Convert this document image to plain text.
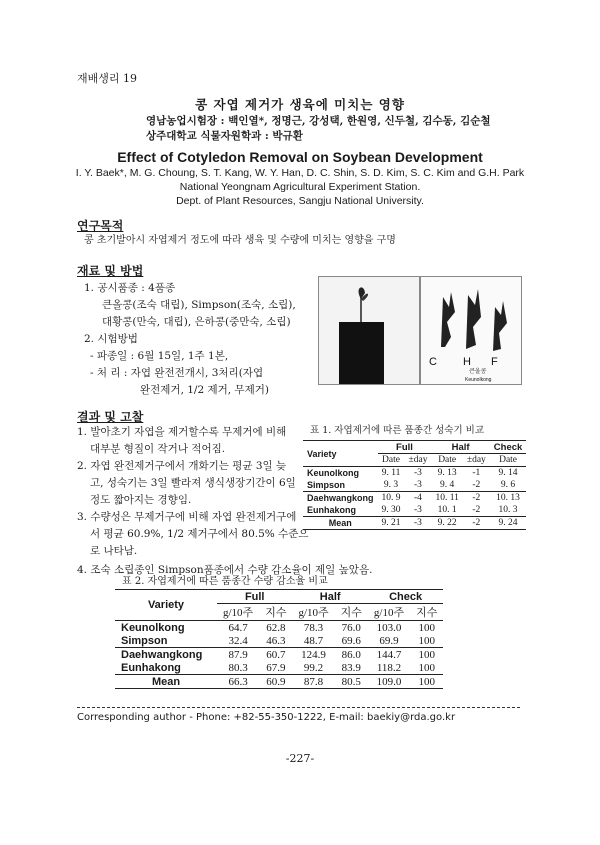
재배생리 19
콩 자엽 제거가 생육에 미치는 영향
영남농업시험장 : 백인열*, 정명근, 강성택, 한원영, 신두철, 김수동, 김순철
상주대학교 식물자원학과 : 박규환
Effect of Cotyledon Removal on Soybean Development
I. Y. Baek*, M. G. Choung, S. T. Kang, W. Y. Han, D. C. Shin, S. D. Kim, S. C. Kim and G.H. Park
National Yeongnam Agricultural Experiment Station.
Dept. of Plant Resources, Sangju National University.
연구목적
콩 초기발아시 자엽제거 정도에 따라 생육 및 수량에 미치는 영향을 구명
재료 및 방법
1. 공시품종 : 4품종
큰올콩(조숙 대립), Simpson(조숙, 소립),
대황콩(만숙, 대립), 은하콩(중만숙, 소립)
2. 시험방법
- 파종일 : 6월 15일, 1주 1본,
- 처 리 : 자엽 완전전개시, 3처리(자엽
완전제거, 1/2 제거, 무제거)
C H F
큰올콩
Keunolkong
결과 및 고찰
1. 발아초기 자엽을 제거할수록 무제거에 비해
대부분 형질이 작거나 적어짐.
2. 자엽 완전제거구에서 개화기는 평균 3일 늦
고, 성숙기는 3일 빨라져 생식생장기간이 6일
정도 짧아지는 경향임.
3. 수량성은 무제거구에 비해 자엽 완전제거구에
서 평균 60.9%, 1/2 제거구에서 80.5% 수준으
로 나타남.
4. 조숙 소립종인 Simpson품종에서 수량 감소율이 제일 높았음.
표 1. 자엽제거에 따른 품종간 성숙기 비교
Variety	Full		Half		Check
	Date	±day	Date	±day	Date
Keunolkong	9. 11	-3	9. 13	-1	9. 14
Simpson	9. 3	-3	9. 4	-2	9. 6
Daehwangkong	10. 9	-4	10. 11	-2	10. 13
Eunhakong	9. 30	-3	10. 1	-2	10. 3
Mean	9. 21	-3	9. 22	-2	9. 24
표 2. 자엽제거에 따른 품종간 수량 감소율 비교
Variety	Full		Half		Check	
	g/10주	지수	g/10주	지수	g/10주	지수
Keunolkong	64.7	62.8	78.3	76.0	103.0	100
Simpson	32.4	46.3	48.7	69.6	69.9	100
Daehwangkong	87.9	60.7	124.9	86.0	144.7	100
Eunhakong	80.3	67.9	99.2	83.9	118.2	100
Mean	66.3	60.9	87.8	80.5	109.0	100
Corresponding author - Phone: +82-55-350-1222, E-mail: baekiy@rda.go.kr
-227-
